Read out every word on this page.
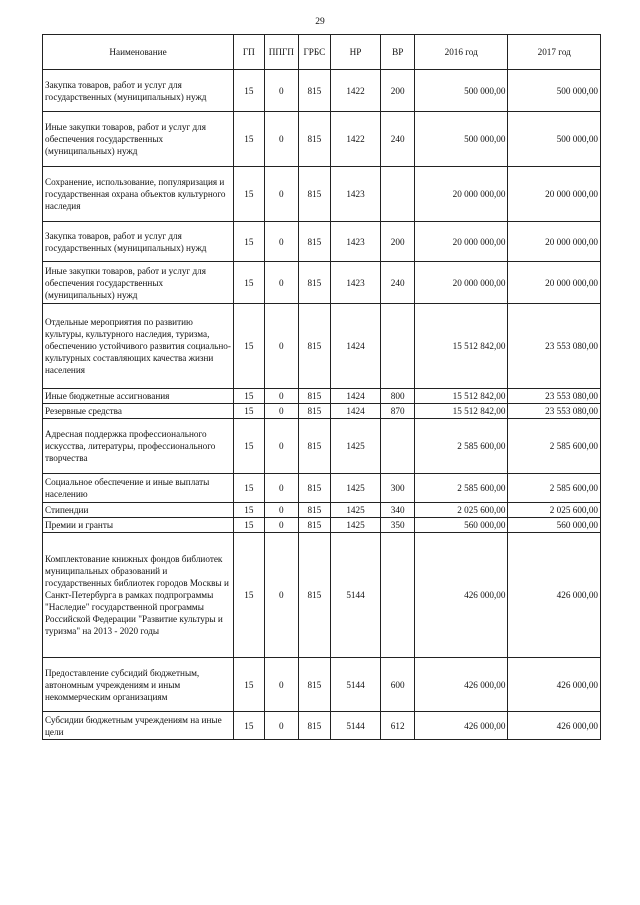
29
Наименование	ГП	ППГП	ГРБС	НР	ВР	2016 год	2017 год
Закупка товаров, работ и услуг для государственных (муниципальных) нужд	15	0	815	1422	200	500 000,00	500 000,00
Иные закупки товаров, работ и услуг для обеспечения государственных (муниципальных) нужд	15	0	815	1422	240	500 000,00	500 000,00
Сохранение, использование, популяризация и государственная охрана объектов культурного наследия	15	0	815	1423		20 000 000,00	20 000 000,00
Закупка товаров, работ и услуг для государственных (муниципальных) нужд	15	0	815	1423	200	20 000 000,00	20 000 000,00
Иные закупки товаров, работ и услуг для обеспечения государственных (муниципальных) нужд	15	0	815	1423	240	20 000 000,00	20 000 000,00
Отдельные мероприятия по развитию культуры, культурного наследия, туризма, обеспечению устойчивого развития социально-культурных составляющих качества жизни населения	15	0	815	1424		15 512 842,00	23 553 080,00
Иные бюджетные ассигнования	15	0	815	1424	800	15 512 842,00	23 553 080,00
Резервные средства	15	0	815	1424	870	15 512 842,00	23 553 080,00
Адресная поддержка профессионального искусства, литературы, профессионального творчества	15	0	815	1425		2 585 600,00	2 585 600,00
Социальное обеспечение и иные выплаты населению	15	0	815	1425	300	2 585 600,00	2 585 600,00
Стипендии	15	0	815	1425	340	2 025 600,00	2 025 600,00
Премии и гранты	15	0	815	1425	350	560 000,00	560 000,00
Комплектование книжных фондов библиотек муниципальных образований и государственных библиотек городов Москвы и Санкт-Петербурга в рамках подпрограммы "Наследие" государственной программы Российской Федерации "Развитие культуры и туризма" на 2013 - 2020 годы	15	0	815	5144		426 000,00	426 000,00
Предоставление субсидий бюджетным, автономным учреждениям и иным некоммерческим организациям	15	0	815	5144	600	426 000,00	426 000,00
Субсидии бюджетным учреждениям на иные цели	15	0	815	5144	612	426 000,00	426 000,00
